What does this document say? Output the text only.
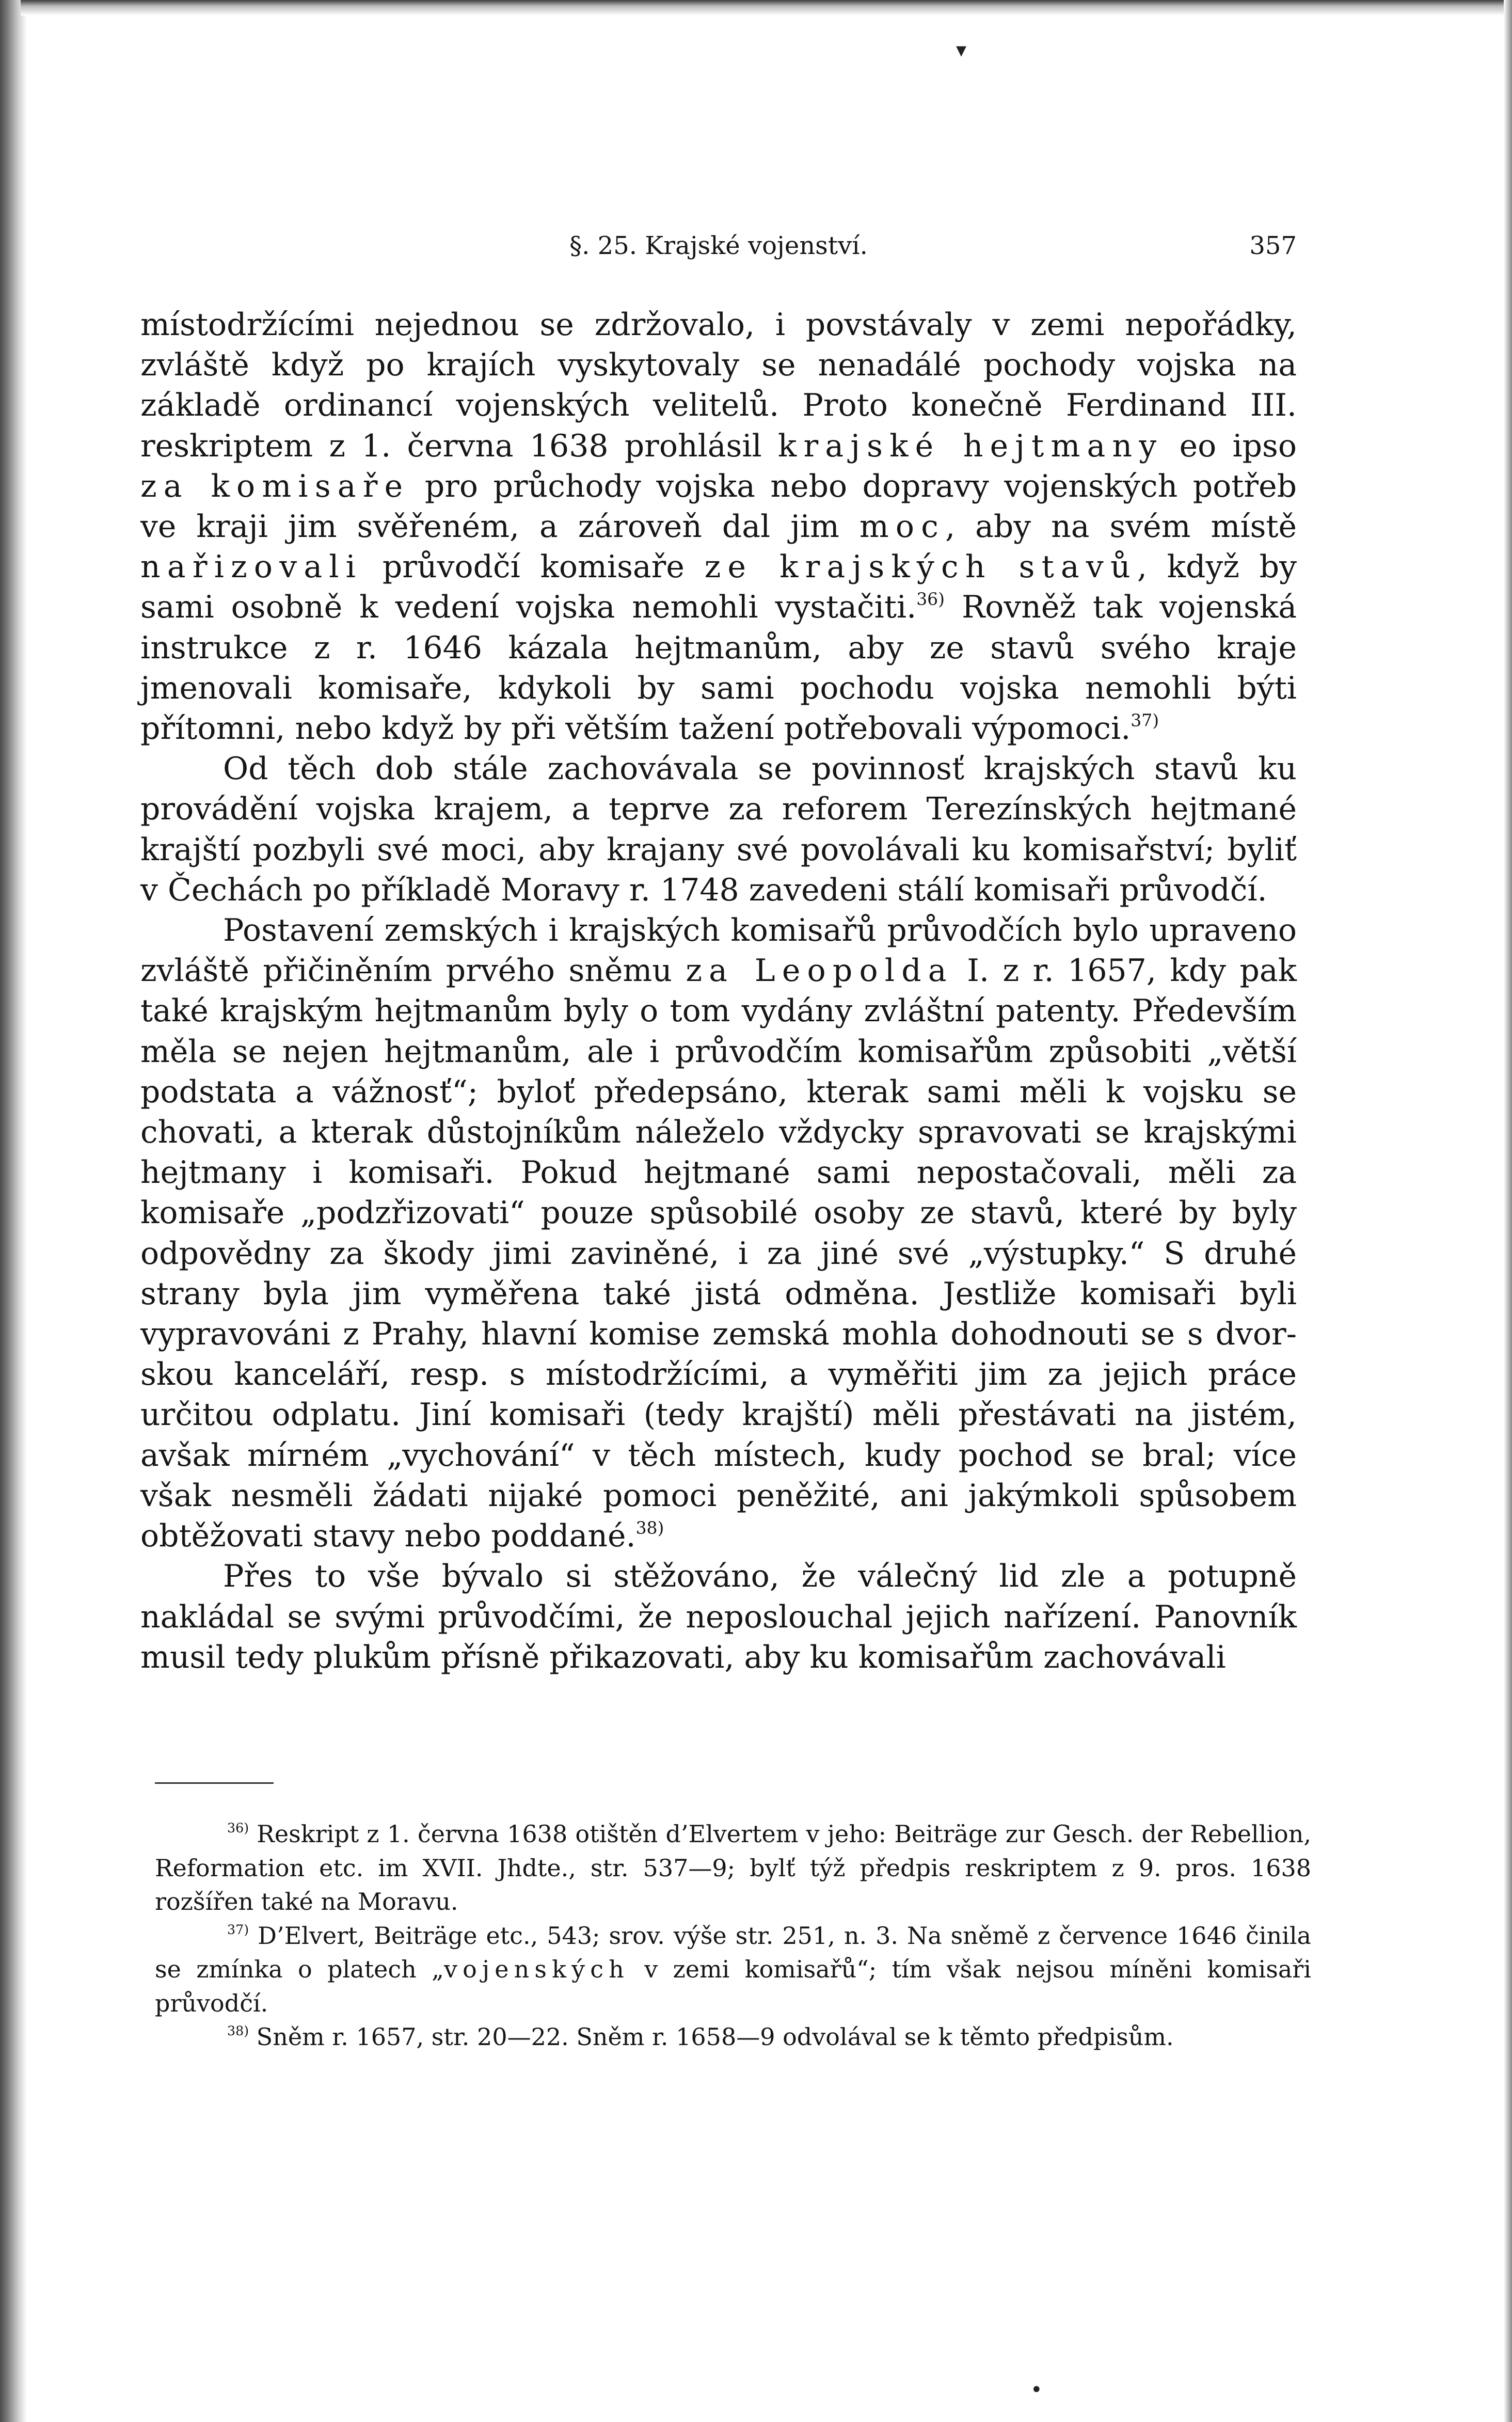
▾
•
§. 25. Krajské vojenství.	357

místodržícími nejednou se zdržovalo, i povstávaly v zemi nepořádky, zvláště když po krajích vyskytovaly se nenadálé pochody vojska na základě ordinancí vojenských velitelů. Proto konečně Ferdinand III. reskriptem z 1. června 1638 prohlásil krajské hejtmany eo ipso za komisaře pro průchody vojska nebo dopravy vojenských potřeb ve kraji jim svěřeném, a zároveň dal jim moc, aby na svém místě nařizovali průvodčí komisaře ze krajských stavů, když by sami osobně k vedení vojska nemohli vystačiti.$^{36)}$ Rovněž tak vojenská instrukce z r. 1646 kázala hejtmanům, aby ze stavů svého kraje jmenovali komisaře, kdykoli by sami pochodu vojska nemohli býti přítomni, nebo když by při větším tažení potřebovali výpomoci.$^{37)}$

Od těch dob stále zachovávala se povinnosť krajských stavů ku provádění vojska krajem, a teprve za reforem Terezínských hejtmané krajští pozbyli své moci, aby krajany své povolávali ku komisařství; byliť v Čechách po příkladě Moravy r. 1748 zavedeni stálí komisaři průvodčí.

Postavení zemských i krajských komisařů průvodčích bylo upraveno zvláště přičiněním prvého sněmu za Leopolda I. z r. 1657, kdy pak také krajským hejtmanům byly o tom vydány zvláštní patenty. Především měla se nejen hejtmanům, ale i průvodčím komisařům způsobiti „větší podstata a vážnosť“; byloť předepsáno, kterak sami měli k vojsku se chovati, a kterak důstojníkům náleželo vždycky spravovati se krajskými hejtmany i komisaři. Pokud hejtmané sami nepostačovali, měli za komisaře „podzřizovati“ pouze spůsobilé osoby ze stavů, které by byly odpovědny za škody jimi zaviněné, i za jiné své „výstupky.“ S druhé strany byla jim vyměřena také jistá odměna. Jestliže komisaři byli vypravováni z Prahy, hlavní komise zemská mohla dohodnouti se s dvorskou kanceláří, resp. s místodržícími, a vyměřiti jim za jejich práce určitou odplatu. Jiní komisaři (tedy krajští) měli přestávati na jistém, avšak mírném „vychování“ v těch místech, kudy pochod se bral; více však nesměli žádati nijaké pomoci peněžité, ani jakýmkoli spůsobem obtěžovati stavy nebo poddané.$^{38)}$

Přes to vše bývalo si stěžováno, že válečný lid zle a potupně nakládal se svými průvodčími, že neposlouchal jejich nařízení. Panovník musil tedy plukům přísně přikazovati, aby ku komisařům zachovávali

$^{36)}$ Reskript z 1. června 1638 otištěn d’Elvertem v jeho: Beiträge zur Gesch. der Rebellion, Reformation etc. im XVII. Jhdte., str. 537—9; bylť týž předpis reskriptem z 9. pros. 1638 rozšířen také na Moravu.

$^{37)}$ D’Elvert, Beiträge etc., 543; srov. výše str. 251, n. 3. Na sněmě z července 1646 činila se zmínka o platech „vojenských v zemi komisařů“; tím však nejsou míněni komisaři průvodčí.

$^{38)}$ Sněm r. 1657, str. 20—22. Sněm r. 1658—9 odvolával se k těmto předpisům.
